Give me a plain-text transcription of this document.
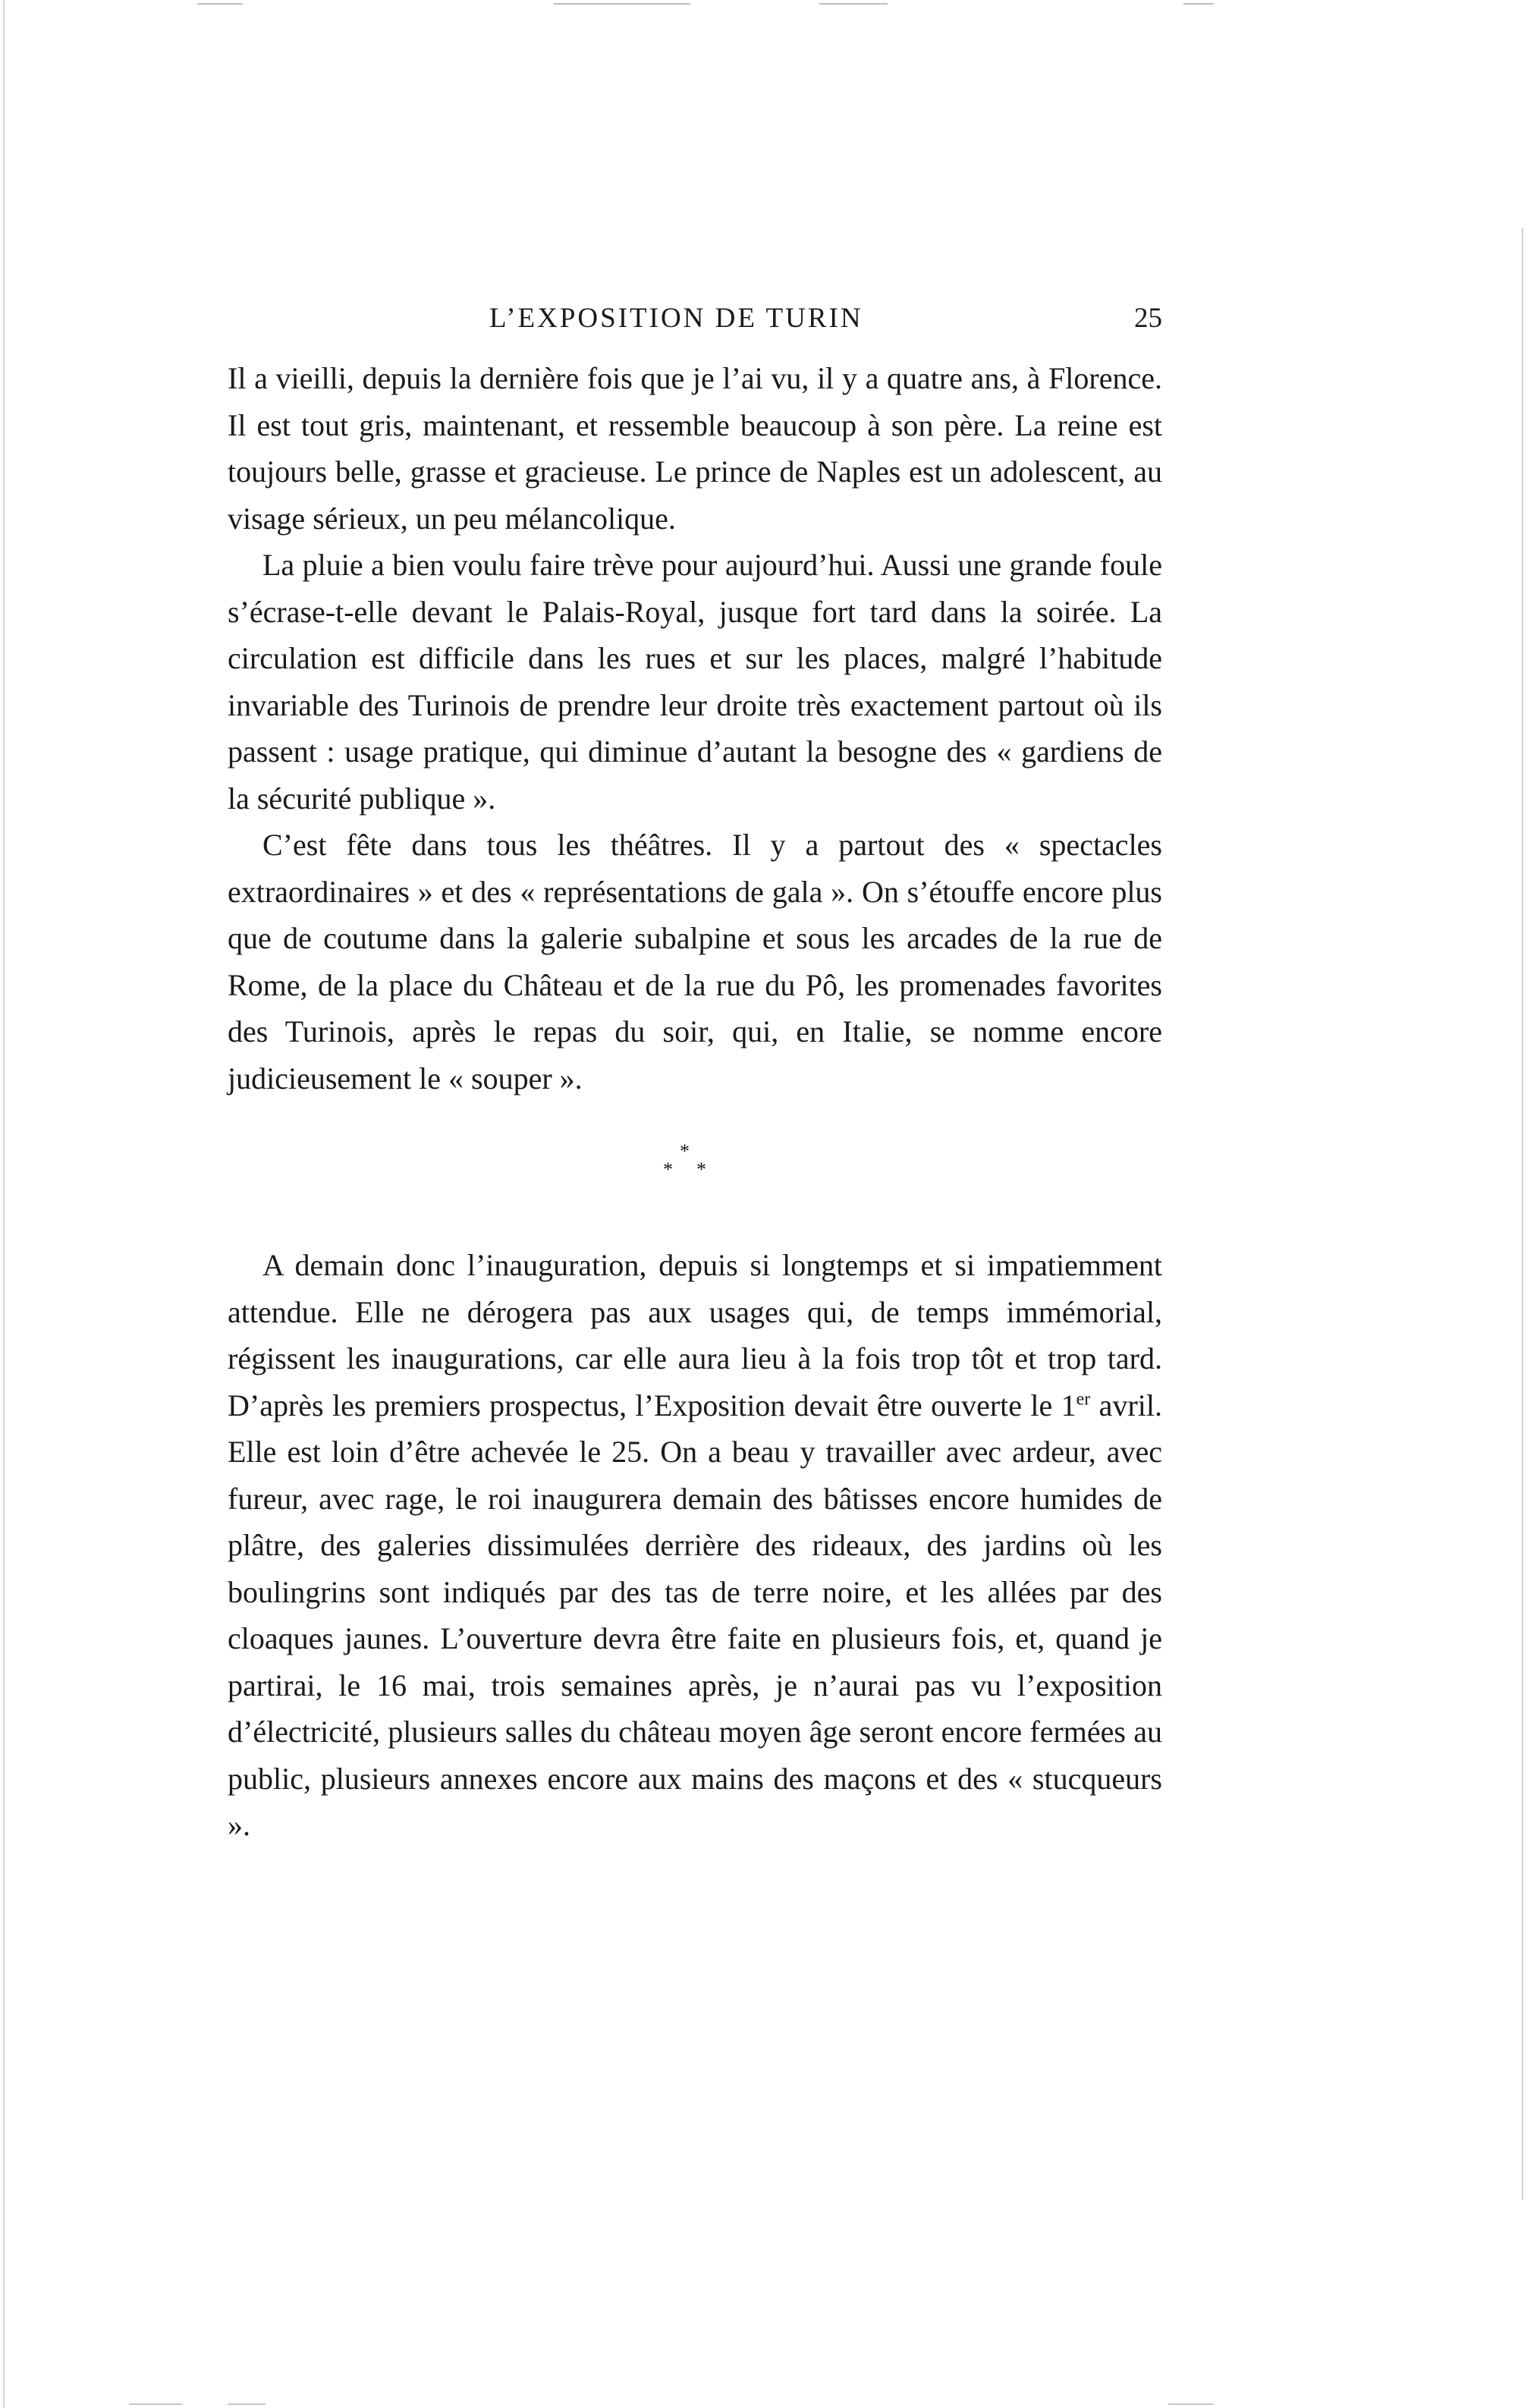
L’EXPOSITION DE TURIN	25

Il a vieilli, depuis la dernière fois que je l’ai vu, il y a quatre ans, à Florence. Il est tout gris, maintenant, et ressemble beaucoup à son père. La reine est toujours belle, grasse et gracieuse. Le prince de Naples est un adolescent, au visage sérieux, un peu mélancolique.

La pluie a bien voulu faire trève pour aujourd’hui. Aussi une grande foule s’écrase-t-elle devant le Palais-Royal, jusque fort tard dans la soirée. La circulation est difficile dans les rues et sur les places, malgré l’habitude invariable des Turinois de prendre leur droite très exactement partout où ils passent : usage pratique, qui diminue d’autant la besogne des « gardiens de la sécurité publique ».

C’est fête dans tous les théâtres. Il y a partout des « spectacles extraordinaires » et des « représentations de gala ». On s’étouffe encore plus que de coutume dans la galerie subalpine et sous les arcades de la rue de Rome, de la place du Château et de la rue du Pô, les promenades favorites des Turinois, après le repas du soir, qui, en Italie, se nomme encore judicieusement le « souper ».

*
* *

A demain donc l’inauguration, depuis si longtemps et si impatiemment attendue. Elle ne dérogera pas aux usages qui, de temps immémorial, régissent les inaugurations, car elle aura lieu à la fois trop tôt et trop tard. D’après les premiers prospectus, l’Exposition devait être ouverte le 1er avril. Elle est loin d’être achevée le 25. On a beau y travailler avec ardeur, avec fureur, avec rage, le roi inaugurera demain des bâtisses encore humides de plâtre, des galeries dissimulées derrière des rideaux, des jardins où les boulingrins sont indiqués par des tas de terre noire, et les allées par des cloaques jaunes. L’ouverture devra être faite en plusieurs fois, et, quand je partirai, le 16 mai, trois semaines après, je n’aurai pas vu l’exposition d’électricité, plusieurs salles du château moyen âge seront encore fermées au public, plusieurs annexes encore aux mains des maçons et des « stucqueurs ».
